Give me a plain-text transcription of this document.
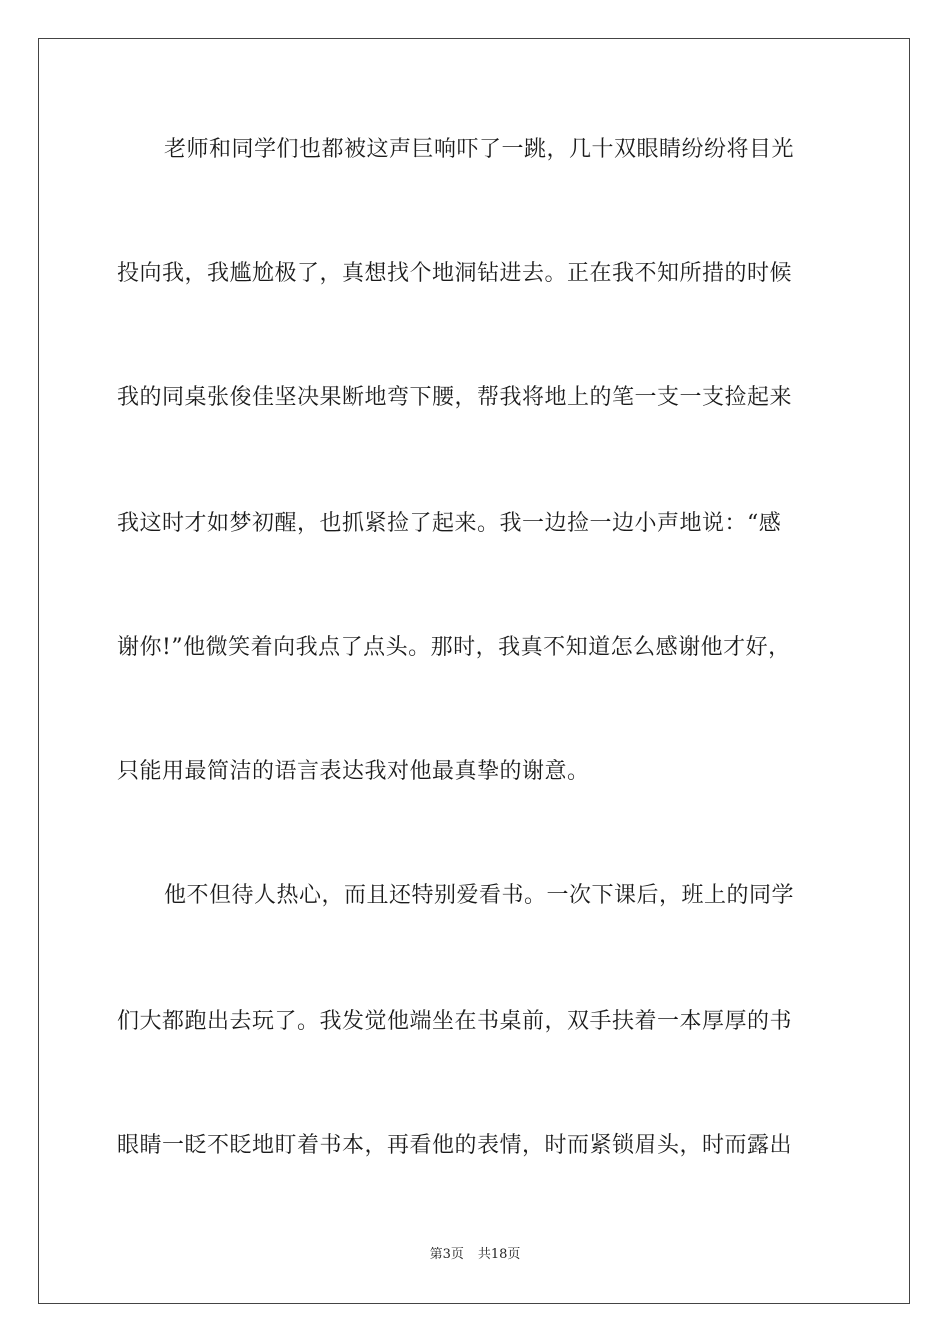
老师和同学们也都被这声巨响吓了一跳，几十双眼睛纷纷将目光
投向我，我尴尬极了，真想找个地洞钻进去。正在我不知所措的时候
我的同桌张俊佳坚决果断地弯下腰，帮我将地上的笔一支一支捡起来
我这时才如梦初醒，也抓紧捡了起来。我一边捡一边小声地说：“感
谢你!”他微笑着向我点了点头。那时，我真不知道怎么感谢他才好，
只能用最简洁的语言表达我对他最真挚的谢意。
他不但待人热心，而且还特别爱看书。一次下课后，班上的同学
们大都跑出去玩了。我发觉他端坐在书桌前，双手扶着一本厚厚的书
眼睛一眨不眨地盯着书本，再看他的表情，时而紧锁眉头，时而露出
第3页 共18页
